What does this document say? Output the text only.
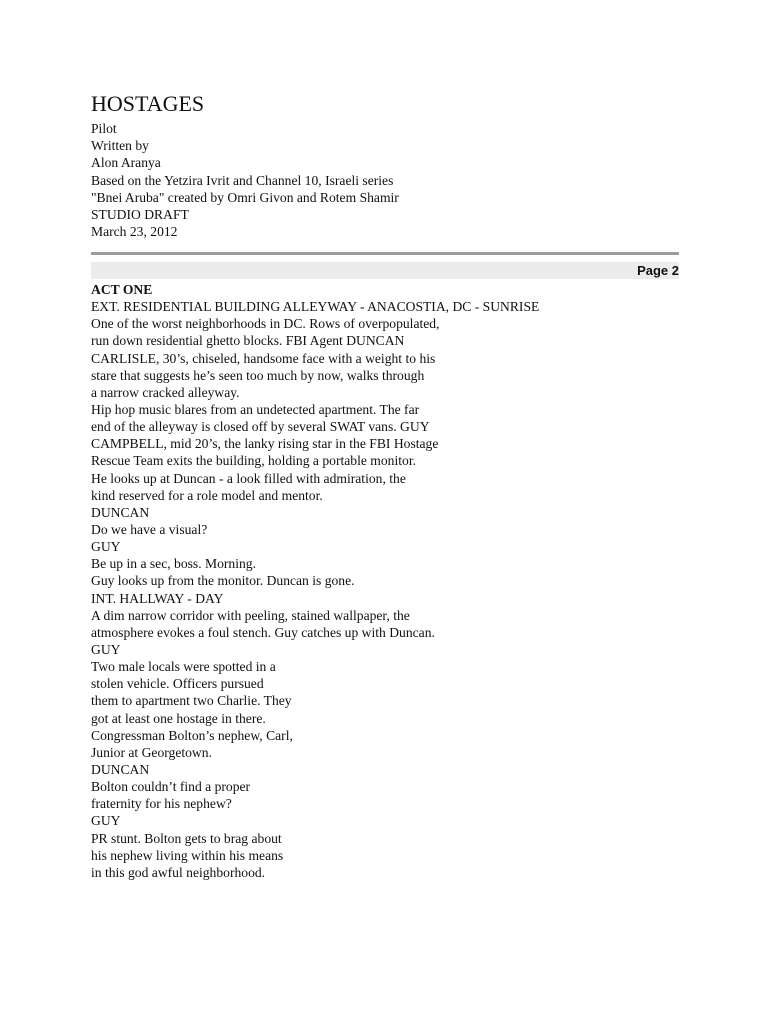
HOSTAGES
Pilot
Written by
Alon Aranya
Based on the Yetzira Ivrit and Channel 10, Israeli series
"Bnei Aruba" created by Omri Givon and Rotem Shamir
STUDIO DRAFT
March 23, 2012
Page 2
ACT ONE
EXT. RESIDENTIAL BUILDING ALLEYWAY - ANACOSTIA, DC - SUNRISE
One of the worst neighborhoods in DC. Rows of overpopulated,
run down residential ghetto blocks. FBI Agent DUNCAN
CARLISLE, 30’s, chiseled, handsome face with a weight to his
stare that suggests he’s seen too much by now, walks through
a narrow cracked alleyway.
Hip hop music blares from an undetected apartment. The far
end of the alleyway is closed off by several SWAT vans. GUY
CAMPBELL, mid 20’s, the lanky rising star in the FBI Hostage
Rescue Team exits the building, holding a portable monitor.
He looks up at Duncan - a look filled with admiration, the
kind reserved for a role model and mentor.
DUNCAN
Do we have a visual?
GUY
Be up in a sec, boss. Morning.
Guy looks up from the monitor. Duncan is gone.
INT. HALLWAY - DAY
A dim narrow corridor with peeling, stained wallpaper, the
atmosphere evokes a foul stench. Guy catches up with Duncan.
GUY
Two male locals were spotted in a
stolen vehicle. Officers pursued
them to apartment two Charlie. They
got at least one hostage in there.
Congressman Bolton’s nephew, Carl,
Junior at Georgetown.
DUNCAN
Bolton couldn’t find a proper
fraternity for his nephew?
GUY
PR stunt. Bolton gets to brag about
his nephew living within his means
in this god awful neighborhood.
